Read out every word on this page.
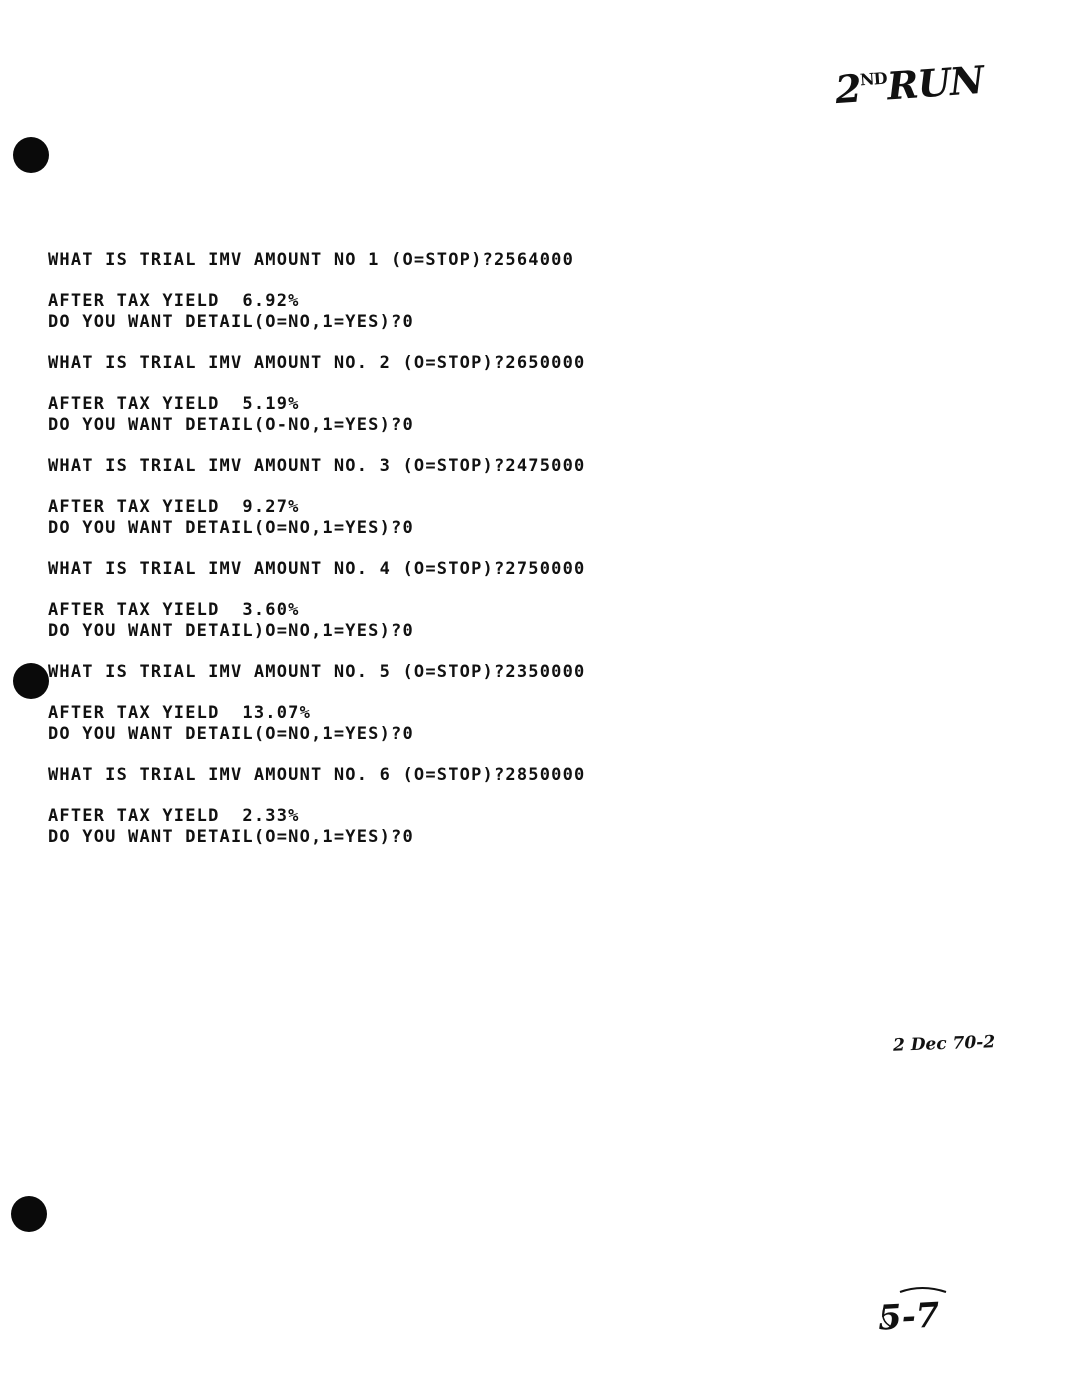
2NDRUN
WHAT IS TRIAL IMV AMOUNT NO 1 (O=STOP)?2564000
AFTER TAX YIELD  6.92%
DO YOU WANT DETAIL(O=NO,1=YES)?0
WHAT IS TRIAL IMV AMOUNT NO. 2 (O=STOP)?2650000
AFTER TAX YIELD  5.19%
DO YOU WANT DETAIL(O-NO,1=YES)?0
WHAT IS TRIAL IMV AMOUNT NO. 3 (O=STOP)?2475000
AFTER TAX YIELD  9.27%
DO YOU WANT DETAIL(O=NO,1=YES)?0
WHAT IS TRIAL IMV AMOUNT NO. 4 (O=STOP)?2750000
AFTER TAX YIELD  3.60%
DO YOU WANT DETAIL)O=NO,1=YES)?0
WHAT IS TRIAL IMV AMOUNT NO. 5 (O=STOP)?2350000
AFTER TAX YIELD  13.07%
DO YOU WANT DETAIL(O=NO,1=YES)?0
WHAT IS TRIAL IMV AMOUNT NO. 6 (O=STOP)?2850000
AFTER TAX YIELD  2.33%
DO YOU WANT DETAIL(O=NO,1=YES)?0
2 Dec 70-2
5-7
